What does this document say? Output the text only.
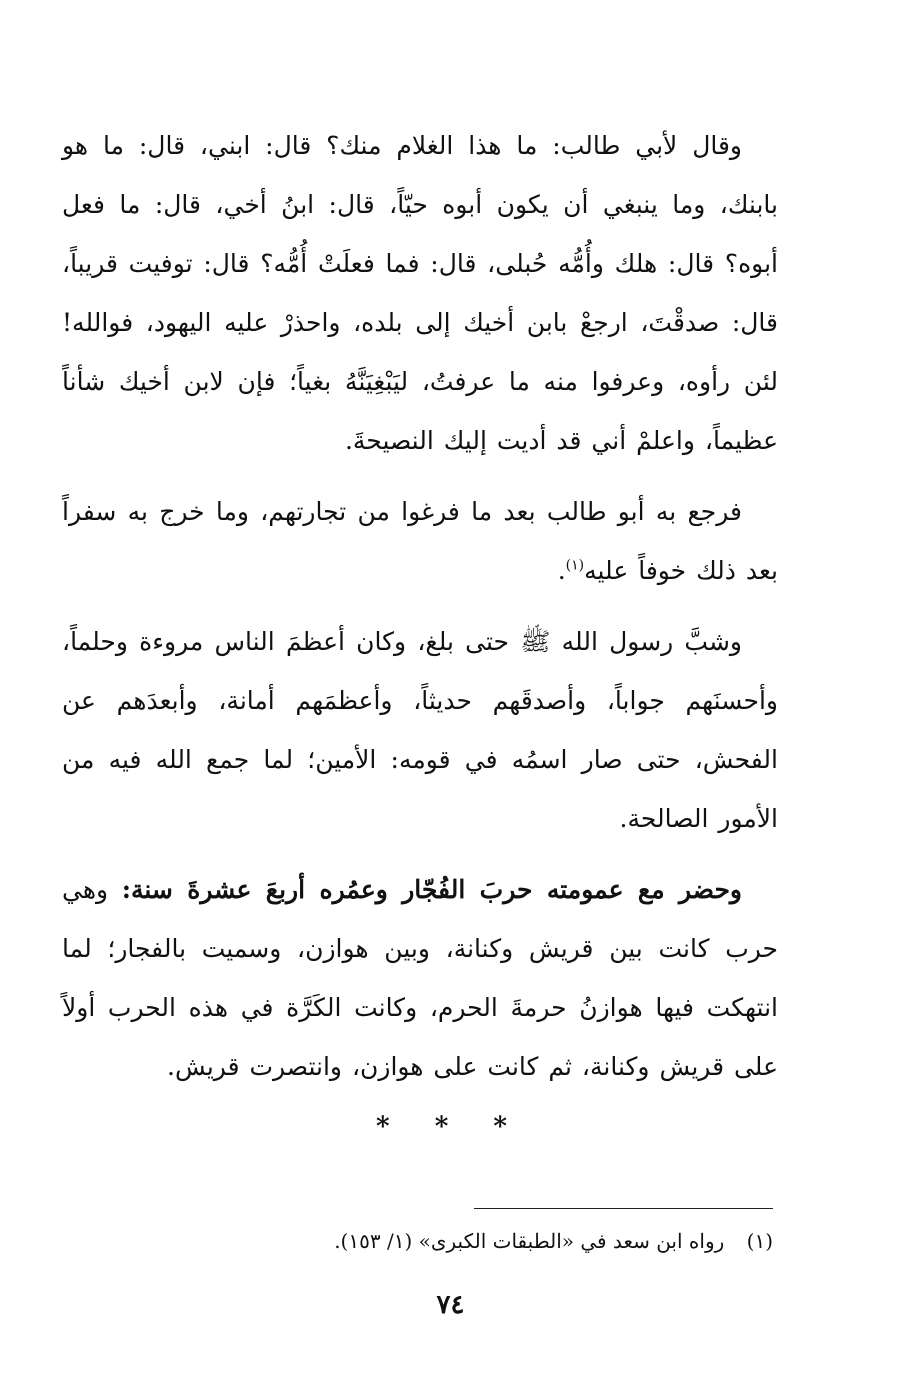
وقال لأبي طالب: ما هذا الغلام منك؟ قال: ابني، قال: ما هو بابنك، وما ينبغي أن يكون أبوه حيّاً، قال: ابنُ أخي، قال: ما فعل أبوه؟ قال: هلك وأُمُّه حُبلى، قال: فما فعلَتْ أُمُّه؟ قال: توفيت قريباً، قال: صدقْتَ، ارجعْ بابن أخيك إلى بلده، واحذرْ عليه اليهود، فوالله! لئن رأوه، وعرفوا منه ما عرفتُ، ليَبْغِيَنَّهُ بغياً؛ فإن لابن أخيك شأناً عظيماً، واعلمْ أني قد أديت إليك النصيحةَ.

فرجع به أبو طالب بعد ما فرغوا من تجارتهم، وما خرج به سفراً بعد ذلك خوفاً عليه$^{(١)}$.

وشبَّ رسول الله ﷺ حتى بلغ، وكان أعظمَ الناس مروءة وحلماً، وأحسنَهم جواباً، وأصدقَهم حديثاً، وأعظمَهم أمانة، وأبعدَهم عن الفحش، حتى صار اسمُه في قومه: الأمين؛ لما جمع الله فيه من الأمور الصالحة.

وحضر مع عمومته حربَ الفُجّار وعمُره أربعَ عشرةَ سنة: وهي حرب كانت بين قريش وكنانة، وبين هوازن، وسميت بالفجار؛ لما انتهكت فيها هوازنُ حرمةَ الحرم، وكانت الكَرَّة في هذه الحرب أولاً على قريش وكنانة، ثم كانت على هوازن، وانتصرت قريش.

* * *
(١) رواه ابن سعد في «الطبقات الكبرى» (١/ ١٥٣).
٧٤
